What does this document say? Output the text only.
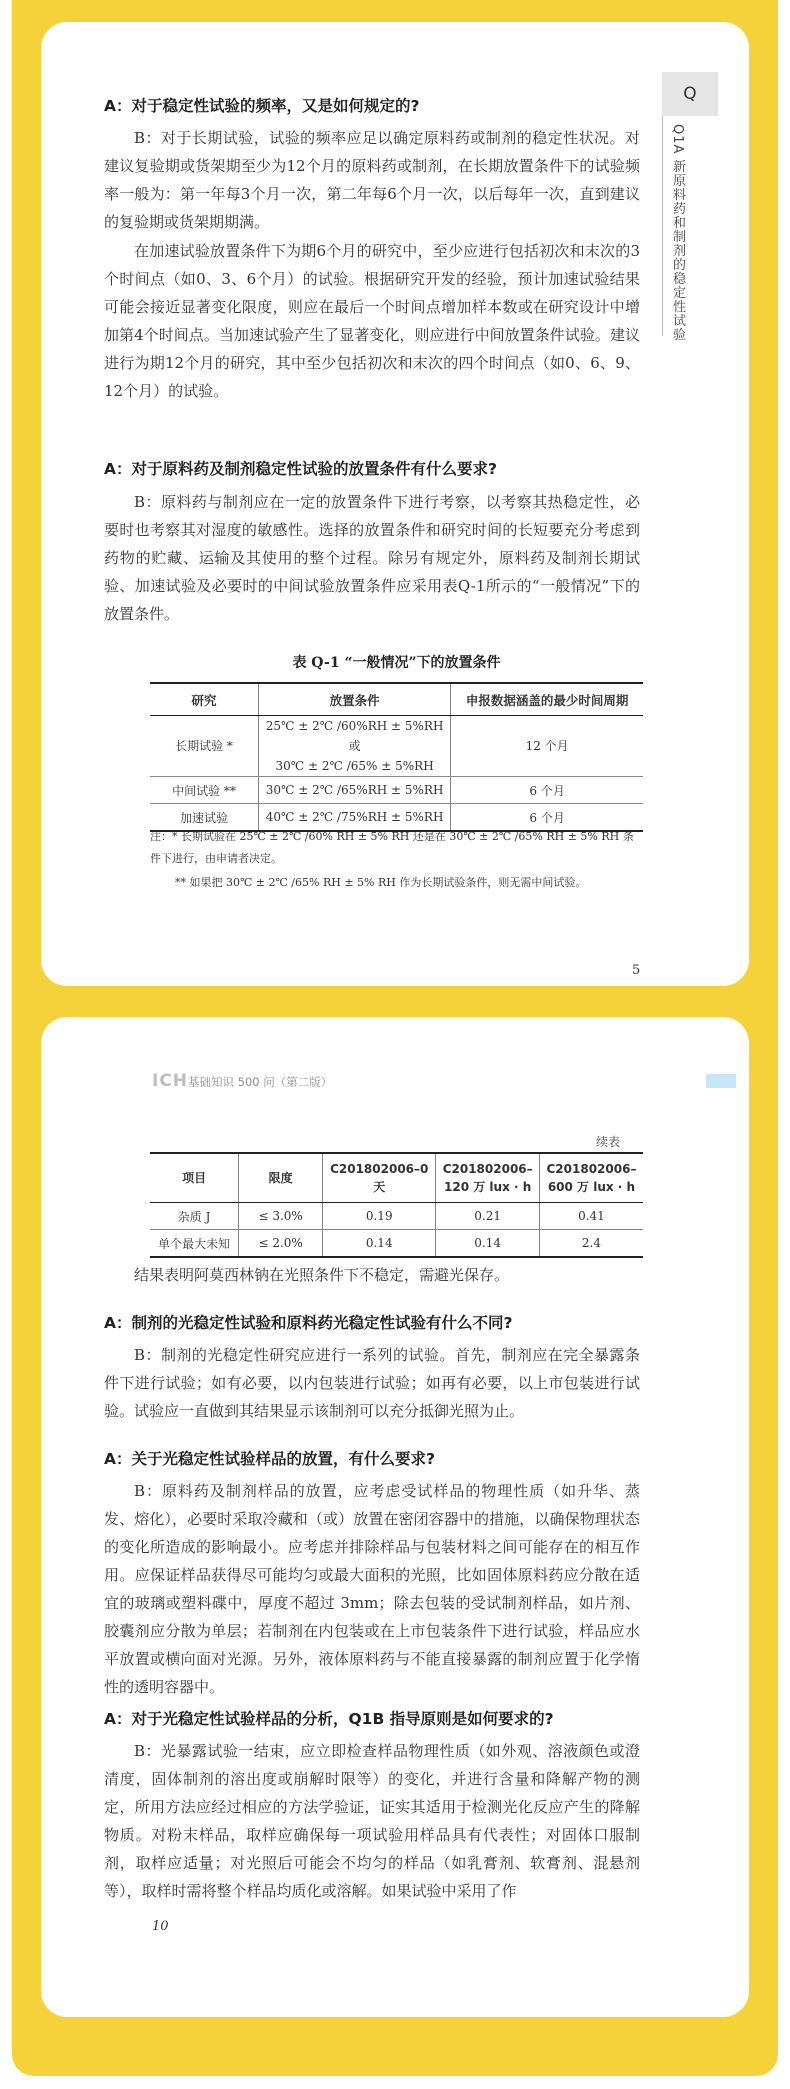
Q
Q1A 新原料药和制剂的稳定性试验
A：对于稳定性试验的频率，又是如何规定的?

B：对于长期试验，试验的频率应足以确定原料药或制剂的稳定性状况。对建议复验期或货架期至少为12个月的原料药或制剂，在长期放置条件下的试验频率一般为：第一年每3个月一次，第二年每6个月一次，以后每年一次，直到建议的复验期或货架期期满。

在加速试验放置条件下为期6个月的研究中，至少应进行包括初次和末次的3个时间点（如0、3、6个月）的试验。根据研究开发的经验，预计加速试验结果可能会接近显著变化限度，则应在最后一个时间点增加样本数或在研究设计中增加第4个时间点。当加速试验产生了显著变化，则应进行中间放置条件试验。建议进行为期12个月的研究，其中至少包括初次和末次的四个时间点（如0、6、9、12个月）的试验。

A：对于原料药及制剂稳定性试验的放置条件有什么要求?

B：原料药与制剂应在一定的放置条件下进行考察，以考察其热稳定性，必要时也考察其对湿度的敏感性。选择的放置条件和研究时间的长短要充分考虑到药物的贮藏、运输及其使用的整个过程。除另有规定外，原料药及制剂长期试验、加速试验及必要时的中间试验放置条件应采用表Q-1所示的“一般情况”下的放置条件。

表 Q-1 “一般情况”下的放置条件
研究	放置条件	申报数据涵盖的最少时间周期
长期试验 *	25℃ ± 2℃ /60%RH ± 5%RH 或
30℃ ± 2℃ /65% ± 5%RH	12 个月
中间试验 **	30℃ ± 2℃ /65%RH ± 5%RH	6 个月
加速试验	40℃ ± 2℃ /75%RH ± 5%RH	6 个月
注：* 长期试验在 25℃ ± 2℃ /60% RH ± 5% RH 还是在 30℃ ± 2℃ /65% RH ± 5% RH 条件下进行，由申请者决定。
** 如果把 30℃ ± 2℃ /65% RH ± 5% RH 作为长期试验条件，则无需中间试验。
5
ICH 基础知识 500 问（第二版）
续表
项目	限度	C201802006–0 天	C201802006–120 万 lux · h	C201802006–600 万 lux · h
杂质 J	≤ 3.0%	0.19	0.21	0.41
单个最大未知	≤ 2.0%	0.14	0.14	2.4

结果表明阿莫西林钠在光照条件下不稳定，需避光保存。

A：制剂的光稳定性试验和原料药光稳定性试验有什么不同?

B：制剂的光稳定性研究应进行一系列的试验。首先，制剂应在完全暴露条件下进行试验；如有必要，以内包装进行试验；如再有必要，以上市包装进行试验。试验应一直做到其结果显示该制剂可以充分抵御光照为止。

A：关于光稳定性试验样品的放置，有什么要求?

B：原料药及制剂样品的放置，应考虑受试样品的物理性质（如升华、蒸发、熔化），必要时采取冷藏和（或）放置在密闭容器中的措施，以确保物理状态的变化所造成的影响最小。应考虑并排除样品与包装材料之间可能存在的相互作用。应保证样品获得尽可能均匀或最大面积的光照，比如固体原料药应分散在适宜的玻璃或塑料碟中，厚度不超过 3mm；除去包装的受试制剂样品，如片剂、胶囊剂应分散为单层；若制剂在内包装或在上市包装条件下进行试验，样品应水平放置或横向面对光源。另外，液体原料药与不能直接暴露的制剂应置于化学惰性的透明容器中。

A：对于光稳定性试验样品的分析，Q1B 指导原则是如何要求的?

B：光暴露试验一结束，应立即检查样品物理性质（如外观、溶液颜色或澄清度，固体制剂的溶出度或崩解时限等）的变化，并进行含量和降解产物的测定，所用方法应经过相应的方法学验证，证实其适用于检测光化反应产生的降解物质。对粉末样品，取样应确保每一项试验用样品具有代表性；对固体口服制剂，取样应适量；对光照后可能会不均匀的样品（如乳膏剂、软膏剂、混悬剂等），取样时需将整个样品均质化或溶解。如果试验中采用了作

10
